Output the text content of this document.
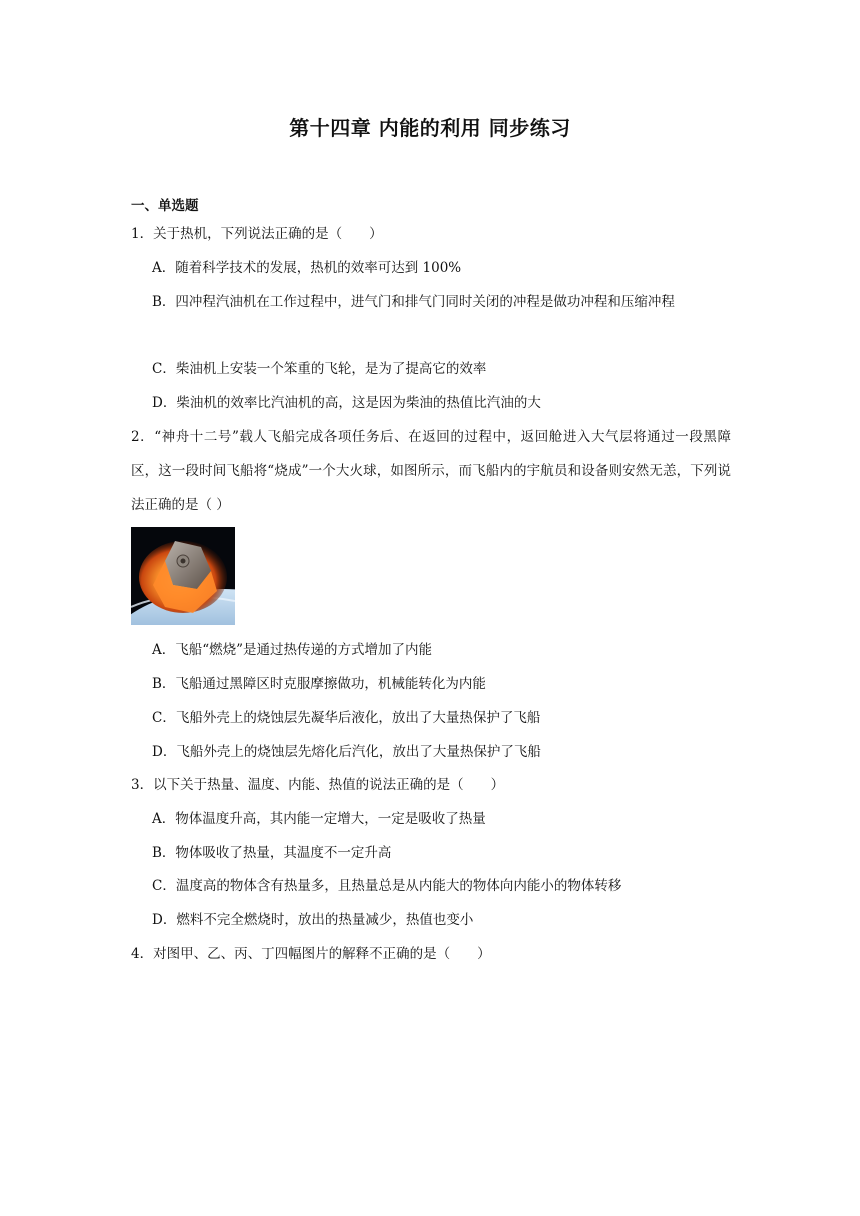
第十四章 内能的利用 同步练习
一、单选题
1．关于热机，下列说法正确的是（　　）
A．随着科学技术的发展，热机的效率可达到 100%
B．四冲程汽油机在工作过程中，进气门和排气门同时关闭的冲程是做功冲程和压缩冲程
C．柴油机上安装一个笨重的飞轮，是为了提高它的效率
D．柴油机的效率比汽油机的高，这是因为柴油的热值比汽油的大
2．“神舟十二号”载人飞船完成各项任务后、在返回的过程中，返回舱进入大气层将通过一段黑障区，这一段时间飞船将“烧成”一个大火球，如图所示，而飞船内的宇航员和设备则安然无恙，下列说法正确的是（ ）
A．飞船“燃烧”是通过热传递的方式增加了内能
B．飞船通过黑障区时克服摩擦做功，机械能转化为内能
C．飞船外壳上的烧蚀层先凝华后液化，放出了大量热保护了飞船
D．飞船外壳上的烧蚀层先熔化后汽化，放出了大量热保护了飞船
3．以下关于热量、温度、内能、热值的说法正确的是（　　）
A．物体温度升高，其内能一定增大，一定是吸收了热量
B．物体吸收了热量，其温度不一定升高
C．温度高的物体含有热量多，且热量总是从内能大的物体向内能小的物体转移
D．燃料不完全燃烧时，放出的热量减少，热值也变小
4．对图甲、乙、丙、丁四幅图片的解释不正确的是（　　）
